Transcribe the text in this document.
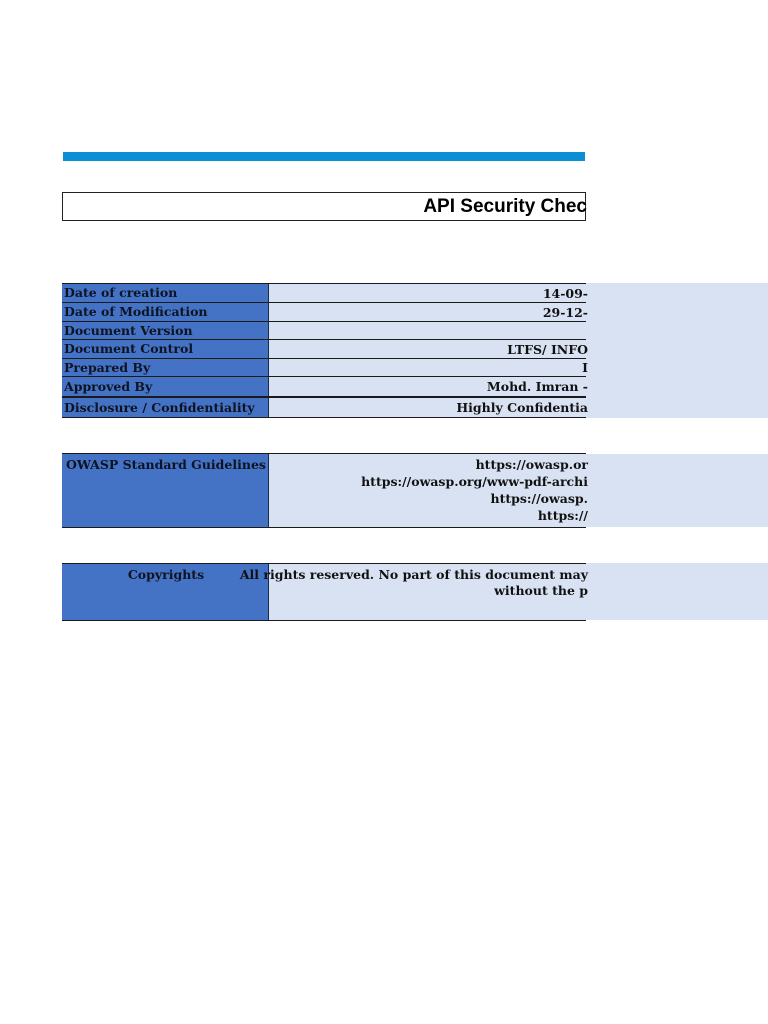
API Security Chec
Date of creation	14-09-
Date of Modification	29-12-
Document Version
Document Control	LTFS/ INFO
Prepared By	I
Approved By	Mohd. Imran -
Disclosure / Confidentiality	Highly Confidentia
OWASP Standard Guidelines	https://owasp.or
https://owasp.org/www-pdf-archi
https://owasp.
https://
Copyrights	All rights reserved. No part of this document may
without the p
